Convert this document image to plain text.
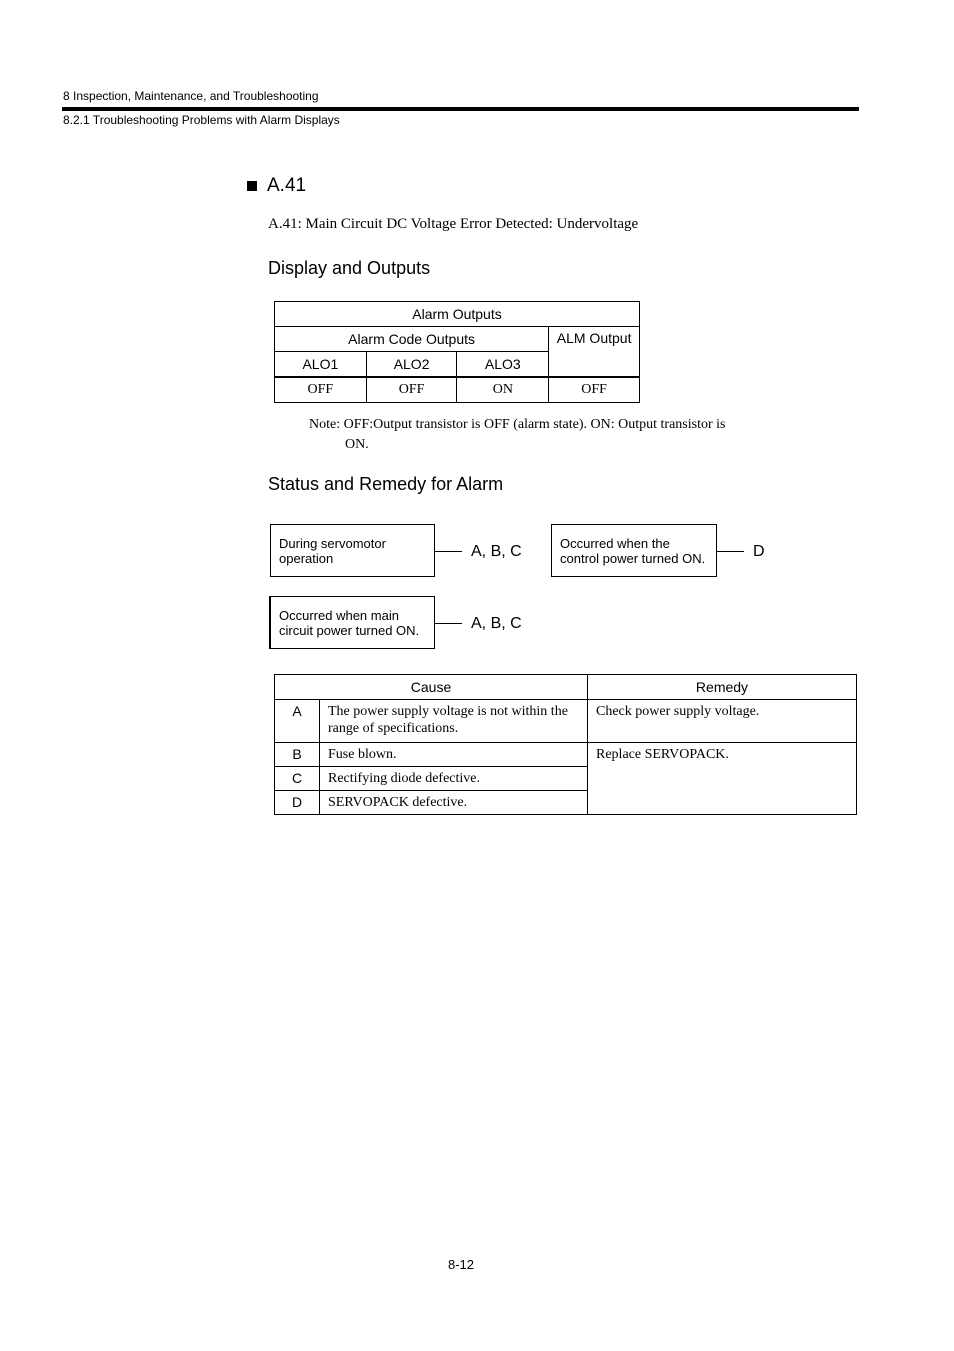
8 Inspection, Maintenance, and Troubleshooting
8.2.1 Troubleshooting Problems with Alarm Displays
A.41
A.41: Main Circuit DC Voltage Error Detected: Undervoltage
Display and Outputs
Alarm Outputs			
Alarm Code Outputs			ALM Output
ALO1	ALO2	ALO3	
OFF	OFF	ON	OFF
Note: OFF:Output transistor is OFF (alarm state). ON: Output transistor is
ON.
Status and Remedy for Alarm
During servomotor
operation	A, B, C	Occurred when the
control power turned ON.	D
Occurred when main
circuit power turned ON.	A, B, C
Cause		Remedy
A	The power supply voltage is not within the range of specifications.	Check power supply voltage.
B	Fuse blown.	Replace SERVOPACK.
C	Rectifying diode defective.	
D	SERVOPACK defective.	
8-12
